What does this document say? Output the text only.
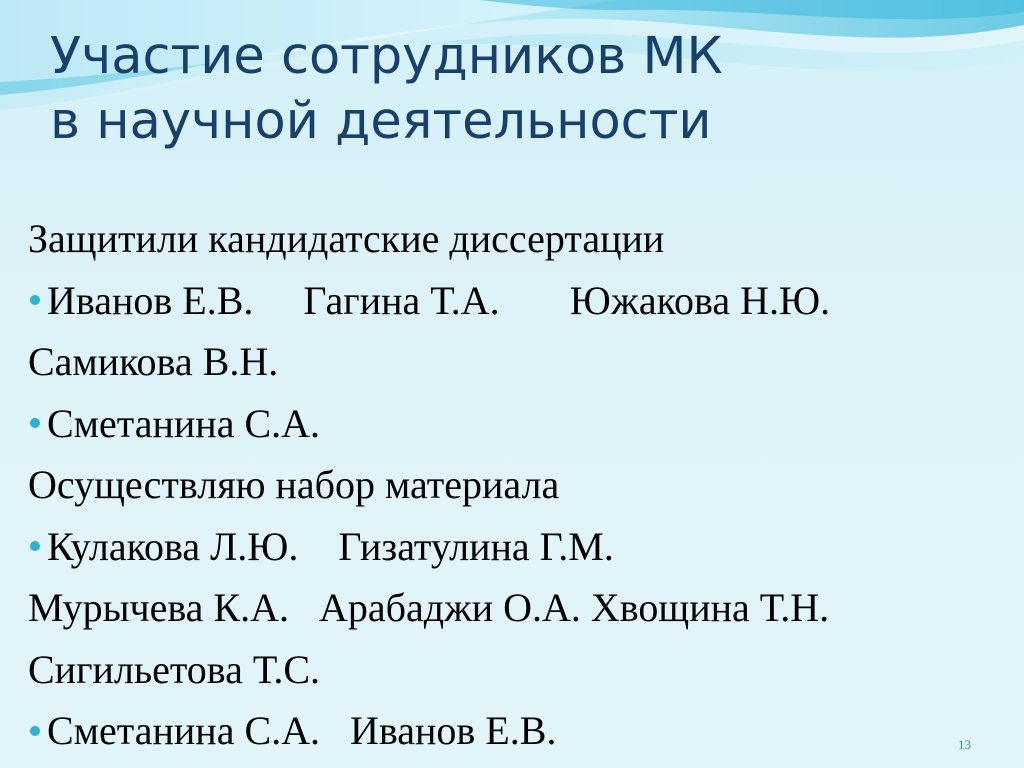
Участие сотрудников МК
в научной деятельности
Защитили кандидатские диссертации
Иванов Е.В.     Гагина Т.А.       Южакова Н.Ю.
Самикова В.Н.
Сметанина С.А.
Осуществляю набор материала
Кулакова Л.Ю.    Гизатулина Г.М.
Мурычева К.А.   Арабаджи О.А. Хвощина Т.Н.
Сигильетова Т.С.
Сметанина С.А.   Иванов Е.В.	13
